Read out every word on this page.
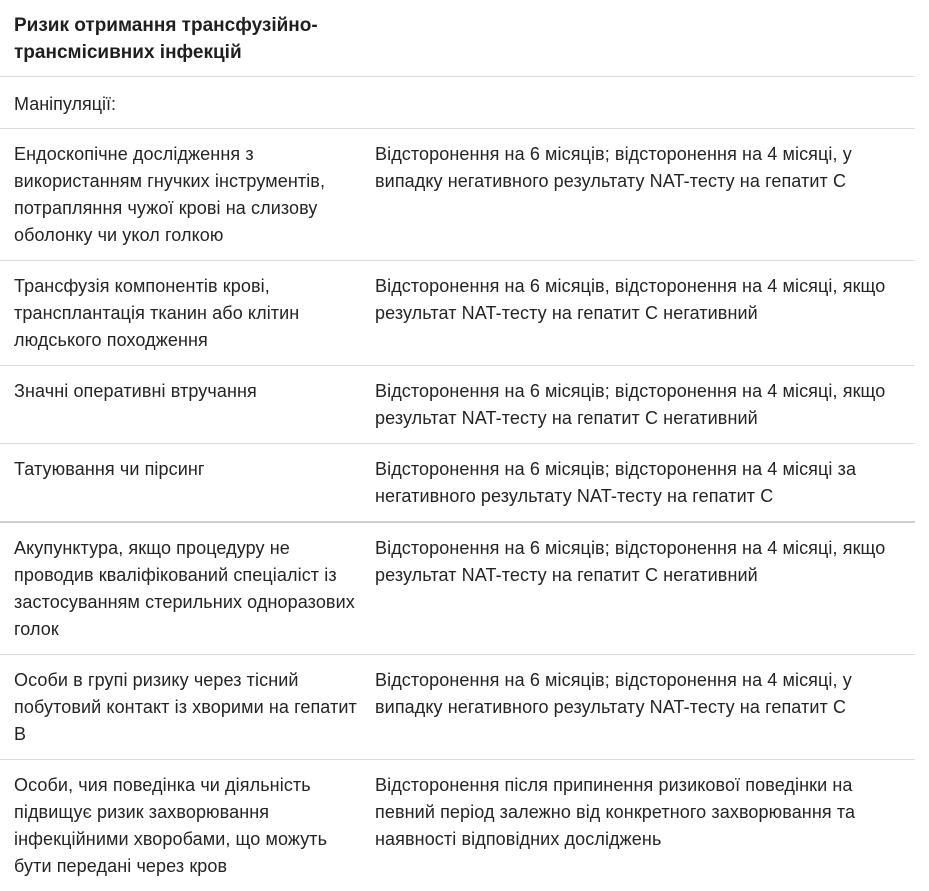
Ризик отримання трансфузійно-трансмісивних інфекцій
Маніпуляції:
Ендоскопічне дослідження з використанням гнучких інструментів, потрапляння чужої крові на слизову оболонку чи укол голкою
Відсторонення на 6 місяців; відсторонення на 4 місяці, у випадку негативного результату NAT-тесту на гепатит С
Трансфузія компонентів крові, трансплантація тканин або клітин людського походження
Відсторонення на 6 місяців, відсторонення на 4 місяці, якщо результат NAT-тесту на гепатит С негативний
Значні оперативні втручання	Відсторонення на 6 місяців; відсторонення на 4 місяці, якщо результат NAT-тесту на гепатит С негативний
Татуювання чи пірсинг	Відсторонення на 6 місяців; відсторонення на 4 місяці за негативного результату NAT-тесту на гепатит С
Акупунктура, якщо процедуру не проводив кваліфікований спеціаліст із застосуванням стерильних одноразових голок
Відсторонення на 6 місяців; відсторонення на 4 місяці, якщо результат NAT-тесту на гепатит С негативний
Особи в групі ризику через тісний побутовий контакт із хворими на гепатит В
Відсторонення на 6 місяців; відсторонення на 4 місяці, у випадку негативного результату NAT-тесту на гепатит С
Особи, чия поведінка чи діяльність підвищує ризик захворювання інфекційними хворобами, що можуть бути передані через кров
Відсторонення після припинення ризикової поведінки на певний період залежно від конкретного захворювання та наявності відповідних досліджень
